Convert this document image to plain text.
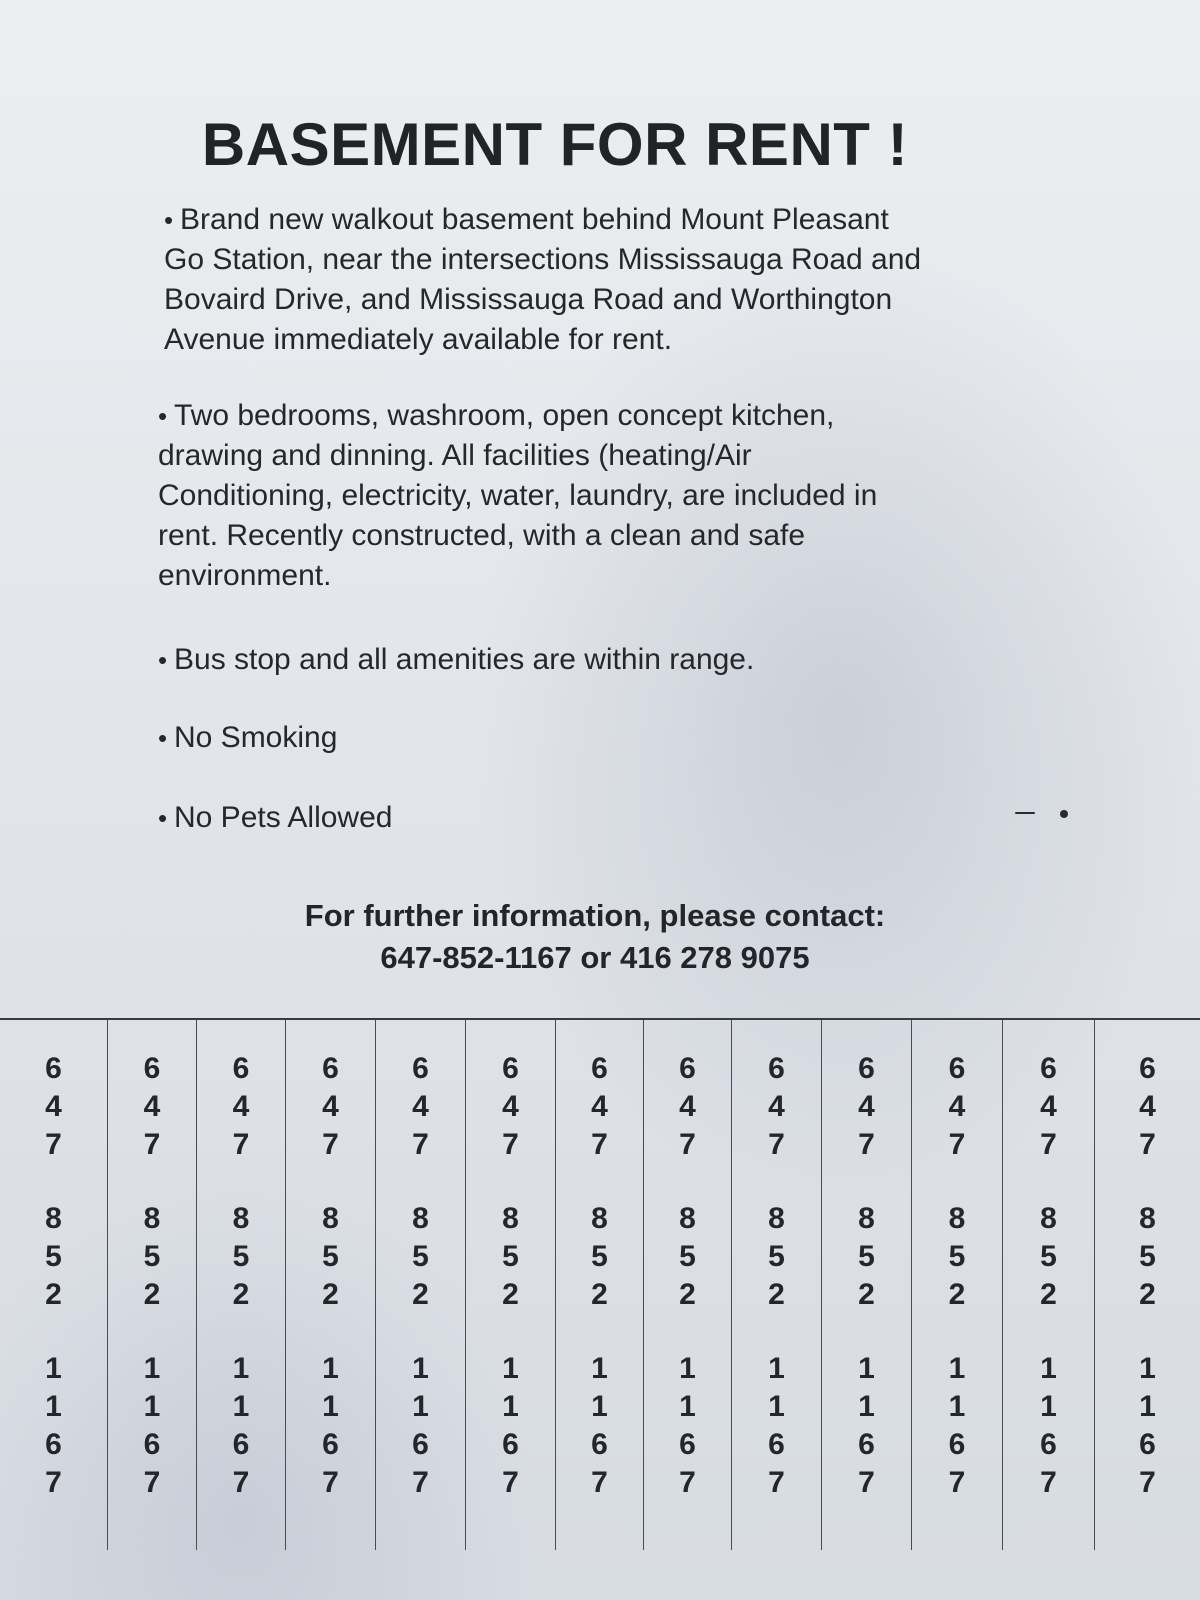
BASEMENT FOR RENT !
• Brand new walkout basement behind Mount Pleasant
Go Station, near the intersections Mississauga Road and
Bovaird Drive, and Mississauga Road and Worthington
Avenue immediately available for rent.
• Two bedrooms, washroom, open concept kitchen,
drawing and dinning. All facilities (heating/Air
Conditioning, electricity, water, laundry, are included in
rent. Recently constructed, with a clean and safe
environment.
• Bus stop and all amenities are within range.
• No Smoking
• No Pets Allowed
For further information, please contact:
647-852-1167 or 416 278 9075
6
4
7
8
5
2
1
1
6
7
6
4
7
8
5
2
1
1
6
7
6
4
7
8
5
2
1
1
6
7
6
4
7
8
5
2
1
1
6
7
6
4
7
8
5
2
1
1
6
7
6
4
7
8
5
2
1
1
6
7
6
4
7
8
5
2
1
1
6
7
6
4
7
8
5
2
1
1
6
7
6
4
7
8
5
2
1
1
6
7
6
4
7
8
5
2
1
1
6
7
6
4
7
8
5
2
1
1
6
7
6
4
7
8
5
2
1
1
6
7
6
4
7
8
5
2
1
1
6
7
